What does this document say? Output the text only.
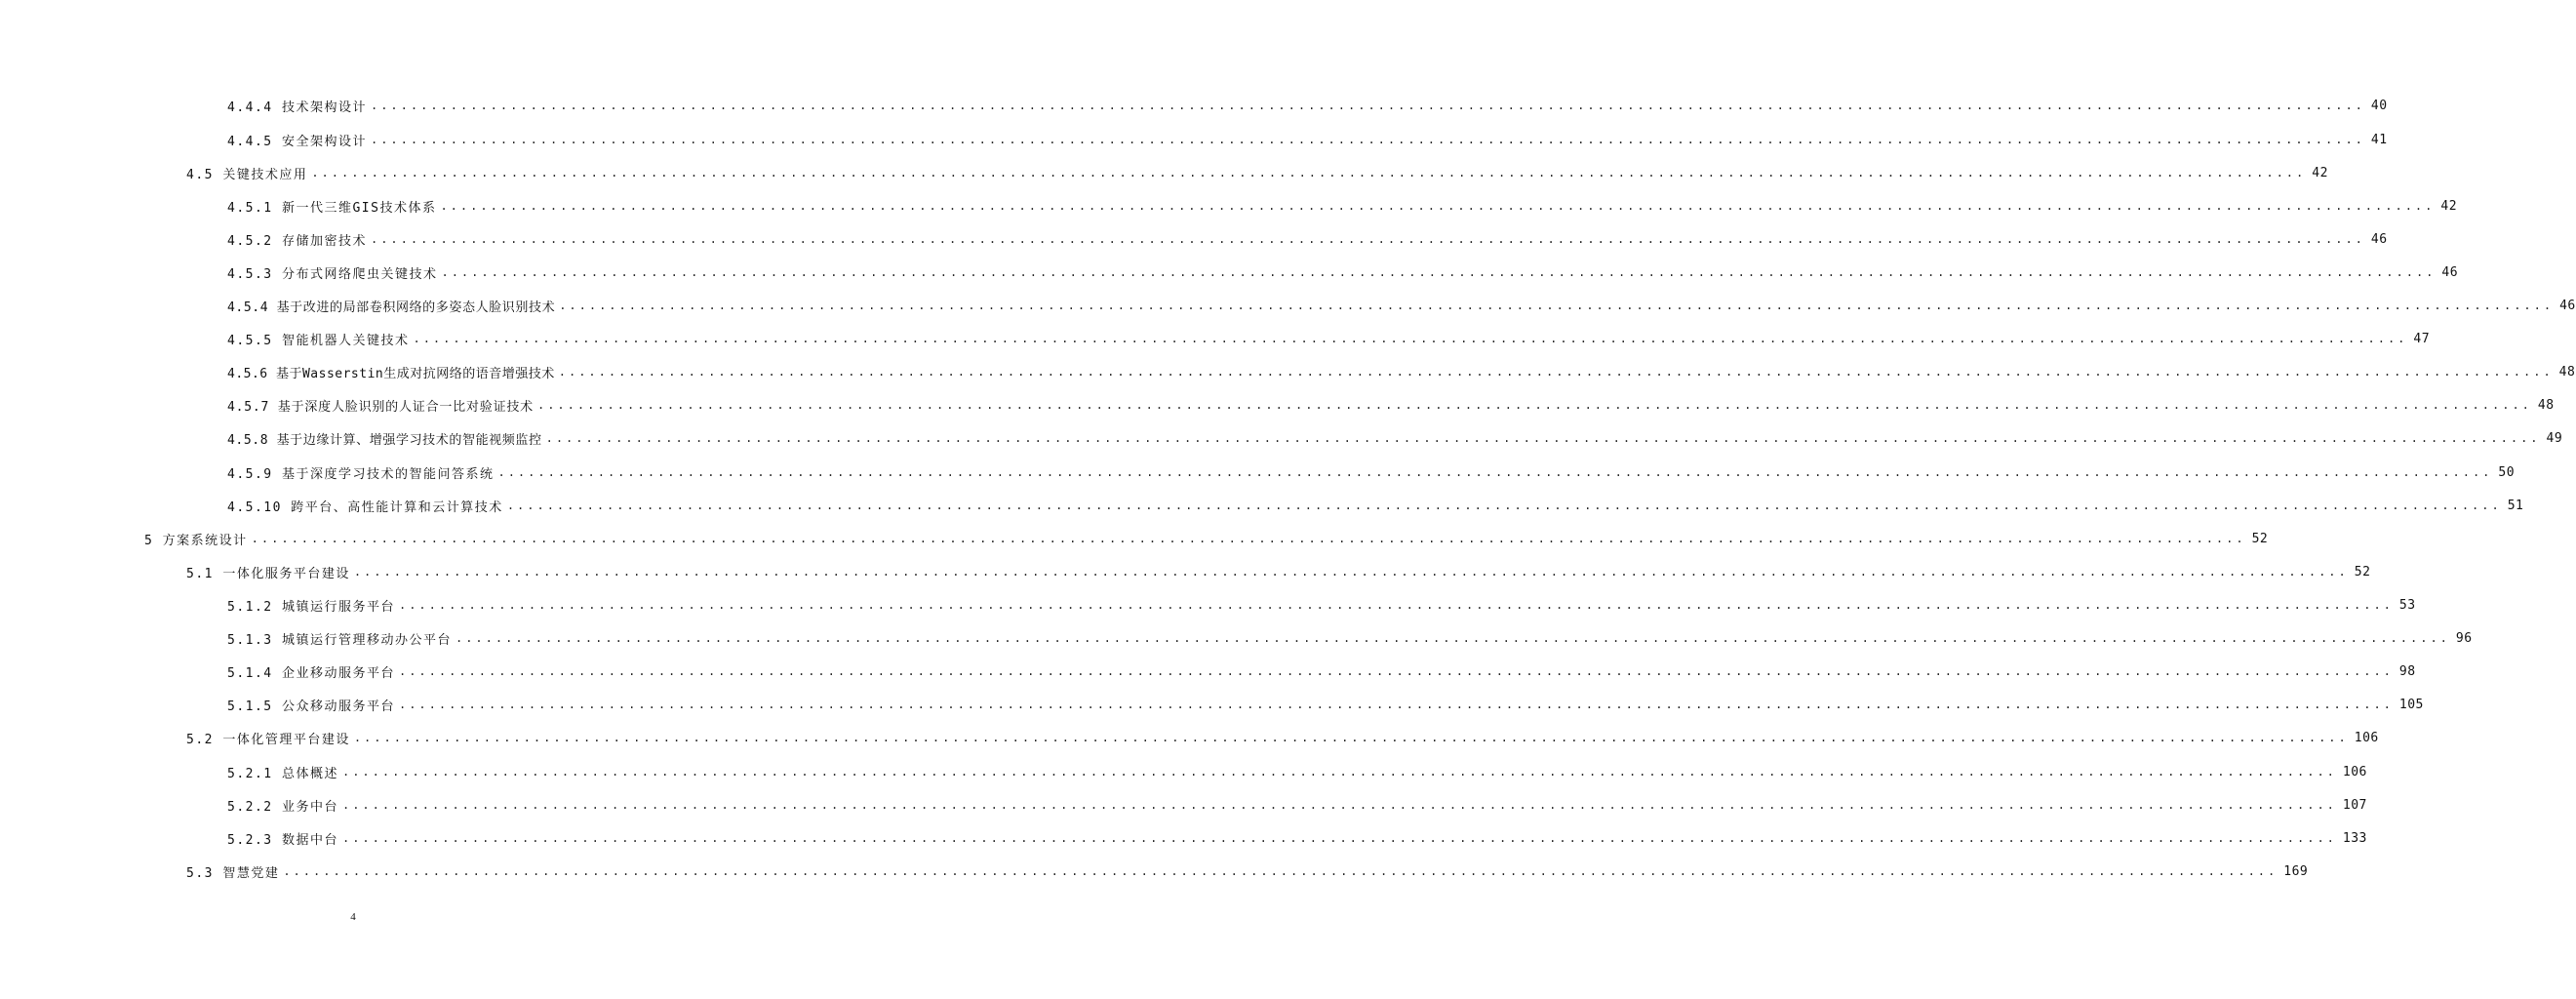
4.4.4 技术架构设计 ........................................................................................................................................................................................................ 40
4.4.5 安全架构设计 ........................................................................................................................................................................................................ 41
4.5 关键技术应用 ........................................................................................................................................................................................................ 42
4.5.1 新一代三维GIS技术体系 ........................................................................................................................................................................................................ 42
4.5.2 存储加密技术 ........................................................................................................................................................................................................ 46
4.5.3 分布式网络爬虫关键技术 ........................................................................................................................................................................................................ 46
4.5.4 基于改进的局部卷积网络的多姿态人脸识别技术 ........................................................................................................................................................................................................ 46
4.5.5 智能机器人关键技术 ........................................................................................................................................................................................................ 47
4.5.6 基于Wasserstin生成对抗网络的语音增强技术 ........................................................................................................................................................................................................ 48
4.5.7 基于深度人脸识别的人证合一比对验证技术 ........................................................................................................................................................................................................ 48
4.5.8 基于边缘计算、增强学习技术的智能视频监控 ........................................................................................................................................................................................................ 49
4.5.9 基于深度学习技术的智能问答系统 ........................................................................................................................................................................................................ 50
4.5.10 跨平台、高性能计算和云计算技术 ........................................................................................................................................................................................................ 51
5 方案系统设计 ........................................................................................................................................................................................................ 52
5.1 一体化服务平台建设 ........................................................................................................................................................................................................ 52
5.1.2 城镇运行服务平台 ........................................................................................................................................................................................................ 53
5.1.3 城镇运行管理移动办公平台 ........................................................................................................................................................................................................ 96
5.1.4 企业移动服务平台 ........................................................................................................................................................................................................ 98
5.1.5 公众移动服务平台 ........................................................................................................................................................................................................ 105
5.2 一体化管理平台建设 ........................................................................................................................................................................................................ 106
5.2.1 总体概述 ........................................................................................................................................................................................................ 106
5.2.2 业务中台 ........................................................................................................................................................................................................ 107
5.2.3 数据中台 ........................................................................................................................................................................................................ 133
5.3 智慧党建 ........................................................................................................................................................................................................ 169
4
